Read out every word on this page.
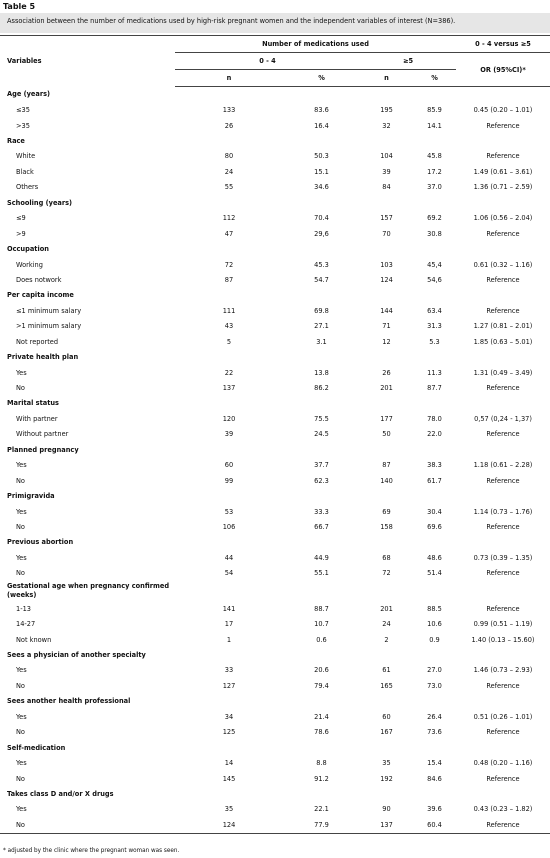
Table 5
Association between the number of medications used by high-risk pregnant women and the independent variables of interest (N=386).
Variables	Number of medications used				0 - 4 versus ≥5
	0 - 4		≥5		OR (95%CI)*
	n	%	n	%	
Age (years)					
≤35	133	83.6	195	85.9	0.45 (0.20 – 1.01)
>35	26	16.4	32	14.1	Reference
Race					
White	80	50.3	104	45.8	Reference
Black	24	15.1	39	17.2	1.49 (0.61 – 3.61)
Others	55	34.6	84	37.0	1.36 (0.71 – 2.59)
Schooling (years)					
≤9	112	70.4	157	69.2	1.06 (0.56 – 2.04)
>9	47	29,6	70	30.8	Reference
Occupation					
Working	72	45.3	103	45,4	0.61 (0.32 – 1.16)
Does notwork	87	54.7	124	54,6	Reference
Per capita income					
≤1 minimum salary	111	69.8	144	63.4	Reference
>1 minimum salary	43	27.1	71	31.3	1.27 (0.81 – 2.01)
Not reported	5	3.1	12	5.3	1.85 (0.63 – 5.01)
Private health plan					
Yes	22	13.8	26	11.3	1.31 (0.49 – 3.49)
No	137	86.2	201	87.7	Reference
Marital status					
With partner	120	75.5	177	78.0	0,57 (0,24 - 1,37)
Without partner	39	24.5	50	22.0	Reference
Planned pregnancy					
Yes	60	37.7	87	38.3	1.18 (0.61 – 2.28)
No	99	62.3	140	61.7	Reference
Primigravida					
Yes	53	33.3	69	30.4	1.14 (0.73 – 1.76)
No	106	66.7	158	69.6	Reference
Previous abortion					
Yes	44	44.9	68	48.6	0.73 (0.39 – 1.35)
No	54	55.1	72	51.4	Reference
Gestational age when pregnancy confirmed (weeks)					
1-13	141	88.7	201	88.5	Reference
14-27	17	10.7	24	10.6	0.99 (0.51 – 1.19)
Not known	1	0.6	2	0.9	1.40 (0.13 – 15.60)
Sees a physician of another specialty					
Yes	33	20.6	61	27.0	1.46 (0.73 – 2.93)
No	127	79.4	165	73.0	Reference
Sees another health professional					
Yes	34	21.4	60	26.4	0.51 (0.26 – 1.01)
No	125	78.6	167	73.6	Reference
Self-medication					
Yes	14	8.8	35	15.4	0.48 (0.20 – 1.16)
No	145	91.2	192	84.6	Reference
Takes class D and/or X drugs					
Yes	35	22.1	90	39.6	0.43 (0.23 – 1.82)
No	124	77.9	137	60.4	Reference
* adjusted by the clinic where the pregnant woman was seen.
